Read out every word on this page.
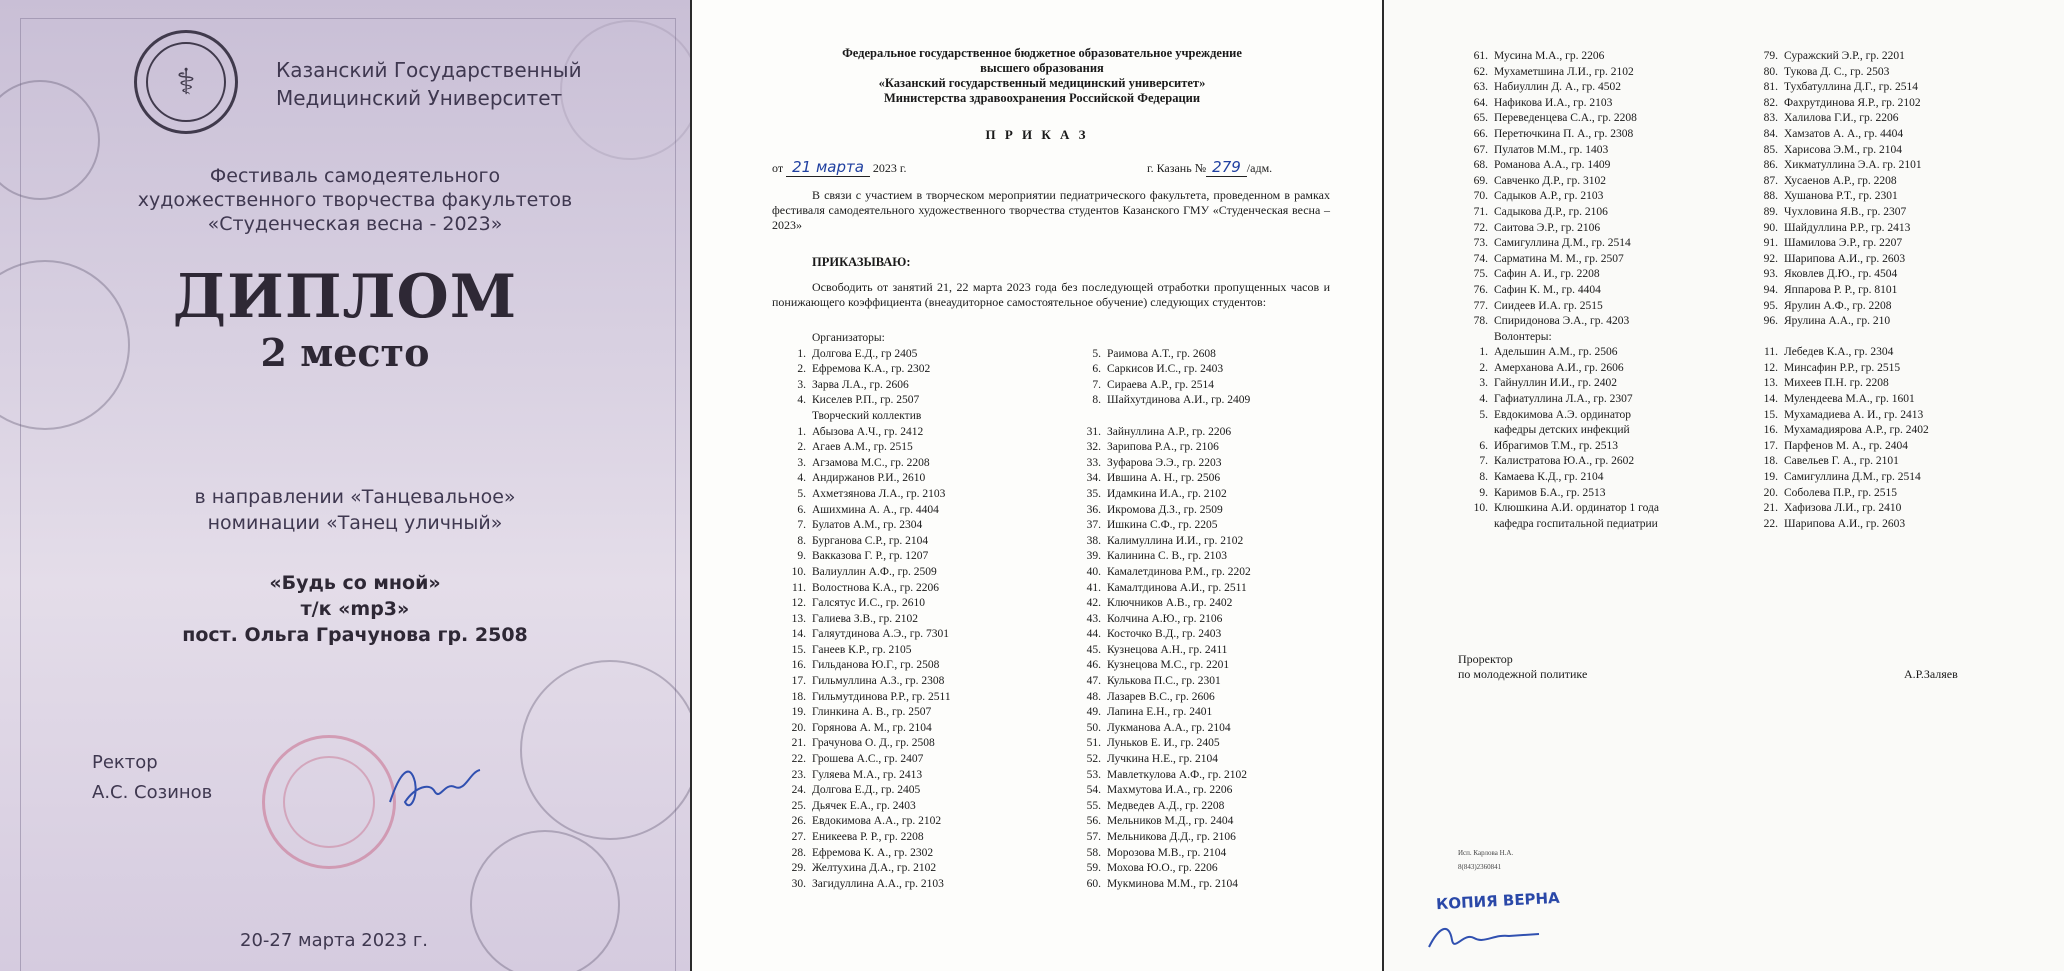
⚕	Казанский Государственный
Медицинский Университет
Фестиваль самодеятельного
художественного творчества факультетов
«Студенческая весна - 2023»
ДИПЛОМ
2 место
в направлении «Танцевальное»
номинации «Танец уличный»
«Будь со мной»
т/к «mp3»
пост. Ольга Грачунова гр. 2508
Ректор
А.С. Созинов
20-27 марта 2023 г.
Федеральное государственное бюджетное образовательное учреждение
высшего образования
«Казанский государственный медицинский университет»
Министерства здравоохранения Российской Федерации
П Р И К А З
от 21 марта 2023 г.	г. Казань № 279 /адм.
В связи с участием в творческом мероприятии педиатрического факультета, проведенном в рамках фестиваля самодеятельного художественного творчества студентов Казанского ГМУ «Студенческая весна – 2023»
ПРИКАЗЫВАЮ:
Освободить от занятий 21, 22 марта 2023 года без последующей отработки пропущенных часов и понижающего коэффициента (внеаудиторное самостоятельное обучение) следующих студентов:
Организаторы:
1. Долгова Е.Д., гр 2405
2. Ефремова К.А., гр. 2302
3. Зарва Л.А., гр. 2606
4. Киселев Р.П., гр. 2507
Творческий коллектив
1. Абызова А.Ч., гр. 2412
2. Агаев А.М., гр. 2515
3. Агзамова М.С., гр. 2208
4. Андиржанов Р.И., 2610
5. Ахметзянова Л.А., гр. 2103
6. Ашихмина А. А., гр. 4404
7. Булатов А.М., гр. 2304
8. Бурганова С.Р., гр. 2104
9. Вакказова Г. Р., гр. 1207
10. Валиуллин А.Ф., гр. 2509
11. Волостнова К.А., гр. 2206
12. Галсятус И.С., гр. 2610
13. Галиева З.В., гр. 2102
14. Галяутдинова А.Э., гр. 7301
15. Ганеев К.Р., гр. 2105
16. Гильданова Ю.Г., гр. 2508
17. Гильмуллина А.З., гр. 2308
18. Гильмутдинова Р.Р., гр. 2511
19. Глинкина А. В., гр. 2507
20. Горянова А. М., гр. 2104
21. Грачунова О. Д., гр. 2508
22. Грошева А.С., гр. 2407
23. Гуляева М.А., гр. 2413
24. Долгова Е.Д., гр. 2405
25. Дьячек Е.А., гр. 2403
26. Евдокимова А.А., гр. 2102
27. Еникеева Р. Р., гр. 2208
28. Ефремова К. А., гр. 2302
29. Желтухина Д.А., гр. 2102
30. Загидуллина А.А., гр. 2103

5. Раимова А.Т., гр. 2608
6. Саркисов И.С., гр. 2403
7. Сираева А.Р., гр. 2514
8. Шайхутдинова А.И., гр. 2409

31. Зайнуллина А.Р., гр. 2206
32. Зарипова Р.А., гр. 2106
33. Зуфарова Э.Э., гр. 2203
34. Ившина А. Н., гр. 2506
35. Идамкина И.А., гр. 2102
36. Икромова Д.З., гр. 2509
37. Ишкина С.Ф., гр. 2205
38. Калимуллина И.И., гр. 2102
39. Калинина С. В., гр. 2103
40. Камалетдинова Р.М., гр. 2202
41. Камалтдинова А.И., гр. 2511
42. Ключников А.В., гр. 2402
43. Колчина А.Ю., гр. 2106
44. Косточко В.Д., гр. 2403
45. Кузнецова А.Н., гр. 2411
46. Кузнецова М.С., гр. 2201
47. Кулькова П.С., гр. 2301
48. Лазарев В.С., гр. 2606
49. Лапина Е.Н., гр. 2401
50. Лукманова А.А., гр. 2104
51. Луньков Е. И., гр. 2405
52. Лучкина Н.Е., гр. 2104
53. Мавлеткулова А.Ф., гр. 2102
54. Махмутова И.А., гр. 2206
55. Медведев А.Д., гр. 2208
56. Мельников М.Д., гр. 2404
57. Мельникова Д.Д., гр. 2106
58. Морозова М.В., гр. 2104
59. Мохова Ю.О., гр. 2206
60. Мукминова М.М., гр. 2104
61. Мусина М.А., гр. 2206
62. Мухаметшина Л.И., гр. 2102
63. Набиуллин Д. А., гр. 4502
64. Нафикова И.А., гр. 2103
65. Переведенцева С.А., гр. 2208
66. Перетючкина П. А., гр. 2308
67. Пулатов М.М., гр. 1403
68. Романова А.А., гр. 1409
69. Савченко Д.Р., гр. 3102
70. Садыков А.Р., гр. 2103
71. Садыкова Д.Р., гр. 2106
72. Саитова Э.Р., гр. 2106
73. Самигуллина Д.М., гр. 2514
74. Сарматина М. М., гр. 2507
75. Сафин А. И., гр. 2208
76. Сафин К. М., гр. 4404
77. Сиидеев И.А. гр. 2515
78. Спиридонова Э.А., гр. 4203
Волонтеры:
1. Адельшин А.М., гр. 2506
2. Амерханова А.И., гр. 2606
3. Гайнуллин И.И., гр. 2402
4. Гафиатуллина Л.А., гр. 2307
5. Евдокимова А.Э. ординатор
кафедры детских инфекций
6. Ибрагимов Т.М., гр. 2513
7. Калистратова Ю.А., гр. 2602
8. Камаева К.Д., гр. 2104
9. Каримов Б.А., гр. 2513
10. Клюшкина А.И. ординатор 1 года
кафедра госпитальной педиатрии
79. Суражский Э.Р., гр. 2201
80. Тукова Д. С., гр. 2503
81. Тухбатуллина Д.Г., гр. 2514
82. Фахрутдинова Я.Р., гр. 2102
83. Халилова Г.И., гр. 2206
84. Хамзатов А. А., гр. 4404
85. Харисова Э.М., гр. 2104
86. Хикматуллина Э.А. гр. 2101
87. Хусаенов А.Р., гр. 2208
88. Хушанова Р.Т., гр. 2301
89. Чухловина Я.В., гр. 2307
90. Шайдуллина Р.Р., гр. 2413
91. Шамилова Э.Р., гр. 2207
92. Шарипова А.И., гр. 2603
93. Яковлев Д.Ю., гр. 4504
94. Яппарова Р. Р., гр. 8101
95. Ярулин А.Ф., гр. 2208
96. Ярулина А.А., гр. 210

11. Лебедев К.А., гр. 2304
12. Минсафин Р.Р., гр. 2515
13. Михеев П.Н. гр. 2208
14. Мулендеева М.А., гр. 1601
15. Мухамадиева А. И., гр. 2413
16. Мухамадиярова А.Р., гр. 2402
17. Парфенов М. А., гр. 2404
18. Савельев Г. А., гр. 2101
19. Самигуллина Д.М., гр. 2514
20. Соболева П.Р., гр. 2515
21. Хафизова Л.И., гр. 2410
22. Шарипова А.И., гр. 2603
Проректор
по молодежной политике	А.Р.Заляев
Исп. Карлова Н.А.
8(843)2360841
КОПИЯ ВЕРНА
